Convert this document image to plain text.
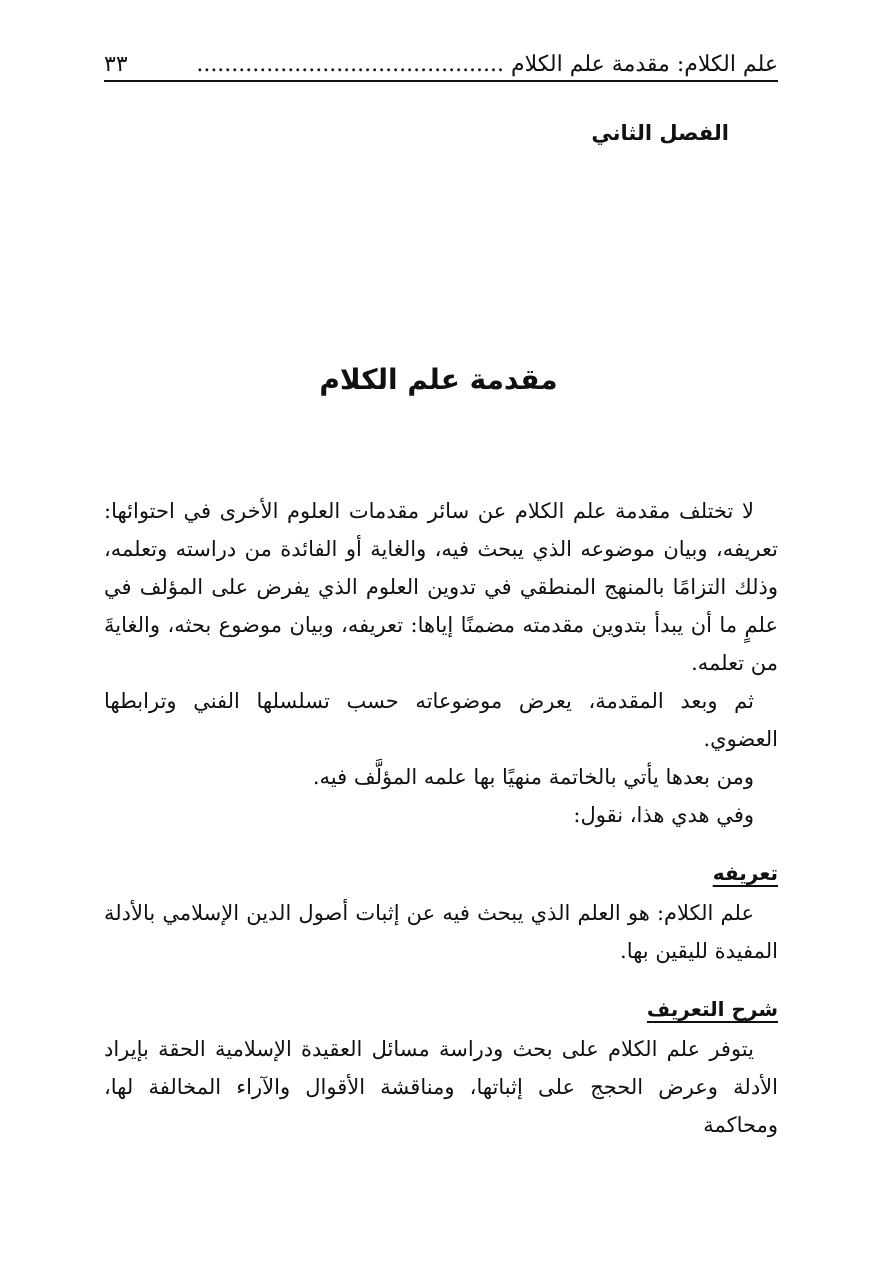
علم الكلام: مقدمة علم الكلام ............................................
٣٣
الفصل الثاني
مقدمة علم الكلام

لا تختلف مقدمة علم الكلام عن سائر مقدمات العلوم الأخرى في احتوائها: تعريفه، وبيان موضوعه الذي يبحث فيه، والغاية أو الفائدة من دراسته وتعلمه، وذلك التزامًا بالمنهج المنطقي في تدوين العلوم الذي يفرض على المؤلف في علمٍ ما أن يبدأ بتدوين مقدمته مضمنًا إياها: تعريفه، وبيان موضوع بحثه، والغايةَ من تعلمه.

ثم وبعد المقدمة، يعرض موضوعاته حسب تسلسلها الفني وترابطها العضوي.

ومن بعدها يأتي بالخاتمة منهيًا بها علمه المؤلَّف فيه.

وفي هدي هذا، نقول:

تعريفه

علم الكلام: هو العلم الذي يبحث فيه عن إثبات أصول الدين الإسلامي بالأدلة المفيدة لليقين بها.

شرح التعريف

يتوفر علم الكلام على بحث ودراسة مسائل العقيدة الإسلامية الحقة بإيراد الأدلة وعرض الحجج على إثباتها، ومناقشة الأقوال والآراء المخالفة لها، ومحاكمة
